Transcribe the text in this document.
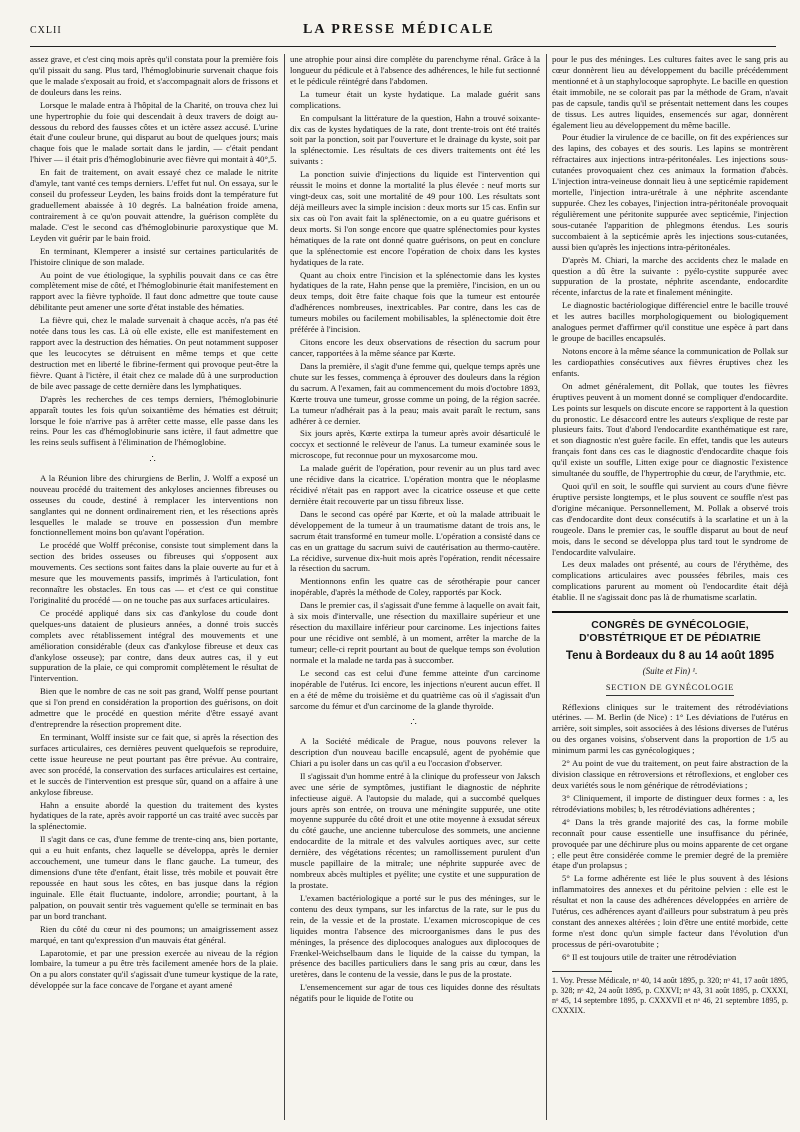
CXLII	LA PRESSE MÉDICALE

assez grave, et c'est cinq mois après qu'il constata pour la première fois qu'il pissait du sang. Plus tard, l'hémoglobinurie survenait chaque fois que le malade s'exposait au froid, et s'accompagnait alors de frissons et de douleurs dans les reins.

Lorsque le malade entra à l'hôpital de la Charité, on trouva chez lui une hypertrophie du foie qui descendait à deux travers de doigt au-dessous du rebord des fausses côtes et un ictère assez accusé. L'urine était d'une couleur brune, qui disparut au bout de quelques jours; mais chaque fois que le malade sortait dans le jardin, — c'était pendant l'hiver — il était pris d'hémoglobinurie avec fièvre qui montait à 40°,5.

En fait de traitement, on avait essayé chez ce malade le nitrite d'amyle, tant vanté ces temps derniers. L'effet fut nul. On essaya, sur le conseil du professeur Leyden, les bains froids dont la température fut graduellement abaissée à 10 degrés. La balnéation froide amena, contrairement à ce qu'on pouvait attendre, la guérison complète du malade. C'est le second cas d'hémoglobinurie paroxystique que M. Leyden vit guérir par le bain froid.

En terminant, Klemperer a insisté sur certaines particularités de l'histoire clinique de son malade.

Au point de vue étiologique, la syphilis pouvait dans ce cas être complètement mise de côté, et l'hémoglobinurie était manifestement en rapport avec la fièvre typhoïde. Il faut donc admettre que toute cause débilitante peut amener une sorte d'état instable des hématies.

La fièvre qui, chez le malade survenait à chaque accès, n'a pas été notée dans tous les cas. Là où elle existe, elle est manifestement en rapport avec la destruction des hématies. On peut notamment supposer que les leucocytes se détruisent en même temps et que cette destruction met en liberté le fibrine-ferment qui provoque peut-être la fièvre. Quant à l'ictère, il était chez ce malade dû à une surproduction de bile avec passage de cette dernière dans les lymphatiques.

D'après les recherches de ces temps derniers, l'hémoglobinurie apparaît toutes les fois qu'un soixantième des hématies est détruit; lorsque le foie n'arrive pas à arrêter cette masse, elle passe dans les reins. Pour les cas d'hémoglobinurie sans ictère, il faut admettre que les reins seuls suffisent à l'élimination de l'hémoglobine.

∴

A la Réunion libre des chirurgiens de Berlin, J. Wolff a exposé un nouveau procédé du traitement des ankyloses anciennes fibreuses ou osseuses du coude, destiné à remplacer les interventions non sanglantes qui ne donnent ordinairement rien, et les résections après lesquelles le malade se trouve en possession d'un membre fonctionnellement moins bon qu'avant l'opération.

Le procédé que Wolff préconise, consiste tout simplement dans la section des brides osseuses ou fibreuses qui s'opposent aux mouvements. Ces sections sont faites dans la plaie ouverte au fur et à mesure que les mouvements passifs, imprimés à l'articulation, font reconnaître les obstacles. En tous cas — et c'est ce qui constitue l'originalité du procédé — on ne touche pas aux surfaces articulaires.

Ce procédé appliqué dans six cas d'ankylose du coude dont quelques-uns dataient de plusieurs années, a donné trois succès complets avec rétablissement intégral des mouvements et une amélioration considérable (deux cas d'ankylose fibreuse et deux cas d'ankylose osseuse); par contre, dans deux autres cas, il y eut suppuration de la plaie, ce qui compromit complètement le résultat de l'intervention.

Bien que le nombre de cas ne soit pas grand, Wolff pense pourtant que si l'on prend en considération la proportion des guérisons, on doit admettre que le procédé en question mérite d'être essayé avant d'entreprendre la résection proprement dite.

En terminant, Wolff insiste sur ce fait que, si après la résection des surfaces articulaires, ces dernières peuvent quelquefois se reproduire, cette issue heureuse ne peut pourtant pas être prévue. Au contraire, avec son procédé, la conservation des surfaces articulaires est certaine, et le succès de l'intervention est presque sûr, quand on a affaire à une ankylose fibreuse.

Hahn a ensuite abordé la question du traitement des kystes hydatiques de la rate, après avoir rapporté un cas traité avec succès par la splénectomie.

Il s'agit dans ce cas, d'une femme de trente-cinq ans, bien portante, qui a eu huit enfants, chez laquelle se développa, après le dernier accouchement, une tumeur dans le flanc gauche. La tumeur, des dimensions d'une tête d'enfant, était lisse, très mobile et pouvait être repoussée en haut sous les côtes, en bas jusque dans la région inguinale. Elle était fluctuante, indolore, arrondie; pourtant, à la palpation, on pouvait sentir très vaguement qu'elle se terminait en bas par un bord tranchant.

Rien du côté du cœur ni des poumons; un amaigrissement assez marqué, en tant qu'expression d'un mauvais état général.

Laparotomie, et par une pression exercée au niveau de la région lombaire, la tumeur a pu être très facilement amenée hors de la plaie. On a pu alors constater qu'il s'agissait d'une tumeur kystique de la rate, développée sur la face concave de l'organe et ayant amené

une atrophie pour ainsi dire complète du parenchyme rénal. Grâce à la longueur du pédicule et à l'absence des adhérences, le hile fut sectionné et le pédicule réintégré dans l'abdomen.

La tumeur était un kyste hydatique. La malade guérit sans complications.

En compulsant la littérature de la question, Hahn a trouvé soixante-dix cas de kystes hydatiques de la rate, dont trente-trois ont été traités soit par la ponction, soit par l'ouverture et le drainage du kyste, soit par la splénectomie. Les résultats de ces divers traitements ont été les suivants :

La ponction suivie d'injections du liquide est l'intervention qui réussit le moins et donne la mortalité la plus élevée : neuf morts sur vingt-deux cas, soit une mortalité de 49 pour 100. Les résultats sont déjà meilleurs avec la simple incision : deux morts sur 15 cas. Enfin sur six cas où l'on avait fait la splénectomie, on a eu quatre guérisons et deux morts. Si l'on songe encore que quatre splénectomies pour kystes hématiques de la rate ont donné quatre guérisons, on peut en conclure que la splénectomie est encore l'opération de choix dans les kystes hydatiques de la rate.

Quant au choix entre l'incision et la splénectomie dans les kystes hydatiques de la rate, Hahn pense que la première, l'incision, en un ou deux temps, doit être faite chaque fois que la tumeur est entourée d'adhérences nombreuses, inextricables. Par contre, dans les cas de tumeurs mobiles ou facilement mobilisables, la splénectomie doit être préférée à l'incision.

Citons encore les deux observations de résection du sacrum pour cancer, rapportées à la même séance par Kœrte.

Dans la première, il s'agit d'une femme qui, quelque temps après une chute sur les fesses, commença à éprouver des douleurs dans la région du sacrum. A l'examen, fait au commencement du mois d'octobre 1893, Kœrte trouva une tumeur, grosse comme un poing, de la région sacrée. La tumeur n'adhérait pas à la peau; mais avait paraît le rectum, sans adhérer à ce dernier.

Six jours après, Kœrte extirpa la tumeur après avoir désarticulé le coccyx et sectionné le relèveur de l'anus. La tumeur examinée sous le microscope, fut reconnue pour un myxosarcome mou.

La malade guérit de l'opération, pour revenir au un plus tard avec une récidive dans la cicatrice. L'opération montra que le néoplasme récidivé n'était pas en rapport avec la cicatrice osseuse et que cette dernière était recouverte par un tissu fibreux lisse.

Dans le second cas opéré par Kœrte, et où la malade attribuait le développement de la tumeur à un traumatisme datant de trois ans, le sacrum était transformé en tumeur molle. L'opération a consisté dans ce cas en un grattage du sacrum suivi de cautérisation au thermo-cautère. La récidive, survenue dix-huit mois après l'opération, rendit nécessaire la résection du sacrum.

Mentionnons enfin les quatre cas de sérothérapie pour cancer inopérable, d'après la méthode de Coley, rapportés par Kock.

Dans le premier cas, il s'agissait d'une femme à laquelle on avait fait, à six mois d'intervalle, une résection du maxillaire supérieur et une résection du maxillaire inférieur pour carcinome. Les injections faites pour une récidive ont semblé, à un moment, arrêter la marche de la tumeur; celle-ci reprit pourtant au bout de quelque temps son évolution normale et la malade ne tarda pas à succomber.

Le second cas est celui d'une femme atteinte d'un carcinome inopérable de l'utérus. Ici encore, les injections n'eurent aucun effet. Il en a été de même du troisième et du quatrième cas où il s'agissait d'un sarcome du fémur et d'un carcinome de la glande thyroïde.

∴

A la Société médicale de Prague, nous pouvons relever la description d'un nouveau bacille encapsulé, agent de pyohémie que Chiari a pu isoler dans un cas qu'il a eu l'occasion d'observer.

Il s'agissait d'un homme entré à la clinique du professeur von Jaksch avec une série de symptômes, justifiant le diagnostic de néphrite infectieuse aiguë. A l'autopsie du malade, qui a succombé quelques jours après son entrée, on trouva une méningite suppurée, une otite moyenne suppurée du côté droit et une otite moyenne à exsudat séreux du côté gauche, une ancienne tuberculose des sommets, une ancienne endocardite de la mitrale et des valvules aortiques avec, sur cette dernière, des végétations récentes; un ramollissement purulent d'un muscle papillaire de la mitrale; une néphrite suppurée avec de nombreux abcès multiples et pyélite; une cystite et une suppuration de la prostate.

L'examen bactériologique a porté sur le pus des méninges, sur le contenu des deux tympans, sur les infarctus de la rate, sur le pus du rein, de la vessie et de la prostate. L'examen microscopique de ces liquides montra l'absence des microorganismes dans le pus des méninges, la présence des diplocoques analogues aux diplocoques de Frænkel-Weichselbaum dans le liquide de la caisse du tympan, la présence des bacilles particuliers dans le sang pris au cœur, dans les uretères, dans le contenu de la vessie, dans le pus de la prostate.

L'ensemencement sur agar de tous ces liquides donne des résultats négatifs pour le liquide de l'otite ou

pour le pus des méninges. Les cultures faites avec le sang pris au cœur donnèrent lieu au développement du bacille précédemment mentionné et à un staphylocoque saprophyte. Le bacille en question était immobile, ne se colorait pas par la méthode de Gram, n'avait pas de capsule, tandis qu'il se présentait nettement dans les coupes de tissus. Les autres liquides, ensemencés sur agar, donnèrent également lieu au développement du même bacille.

Pour étudier la virulence de ce bacille, on fit des expériences sur des lapins, des cobayes et des souris. Les lapins se montrèrent réfractaires aux injections intra-péritonéales. Les injections sous-cutanées provoquaient chez ces animaux la formation d'abcès. L'injection intra-veineuse donnait lieu à une septicémie rapidement mortelle, l'injection intra-urétrale à une néphrite ascendante suppurée. Chez les cobayes, l'injection intra-péritonéale provoquait régulièrement une péritonite suppurée avec septicémie, l'injection sous-cutanée l'apparition de phlegmons étendus. Les souris succombaient à la septicémie après les injections sous-cutanées, aussi bien qu'après les injections intra-péritonéales.

D'après M. Chiari, la marche des accidents chez le malade en question a dû être la suivante : pyélo-cystite suppurée avec suppuration de la prostate, néphrite ascendante, endocardite récente, infarctus de la rate et finalement méningite.

Le diagnostic bactériologique différenciel entre le bacille trouvé et les autres bacilles morphologiquement ou biologiquement analogues permet d'affirmer qu'il constitue une espèce à part dans le groupe de bacilles encapsulés.

Notons encore à la même séance la communication de Pollak sur les cardiopathies consécutives aux fièvres éruptives chez les enfants.

On admet généralement, dit Pollak, que toutes les fièvres éruptives peuvent à un moment donné se compliquer d'endocardite. Les points sur lesquels on discute encore se rapportent à la question du pronostic. Le désaccord entre les auteurs s'explique de reste par plusieurs faits. Tout d'abord l'endocardite exanthématique est rare, et son diagnostic n'est guère facile. En effet, tandis que les auteurs français font dans ces cas le diagnostic d'endocardite chaque fois qu'il existe un souffle, Litten exige pour ce diagnostic l'existence simultanée du souffle, de l'hypertrophie du cœur, de l'arythmie, etc.

Quoi qu'il en soit, le souffle qui survient au cours d'une fièvre éruptive persiste longtemps, et le plus souvent ce souffle n'est pas d'origine mécanique. Personnellement, M. Pollak a observé trois cas d'endocardite dont deux consécutifs à la scarlatine et un à la rougeole. Dans le premier cas, le souffle disparut au bout de neuf mois, dans le second se développa plus tard tout le syndrome de l'endocardite valvulaire.

Les deux malades ont présenté, au cours de l'érythème, des complications articulaires avec poussées fébriles, mais ces complications parurent au moment où l'endocardite était déjà établie. Il ne s'agissait donc pas là de rhumatisme scarlatin.

CONGRÈS DE GYNÉCOLOGIE, D'OBSTÉTRIQUE ET DE PÉDIATRIE
Tenu à Bordeaux du 8 au 14 août 1895
(Suite et Fin) ¹.
SECTION DE GYNÉCOLOGIE

Réflexions cliniques sur le traitement des rétrodéviations utérines. — M. Berlin (de Nice) : 1° Les déviations de l'utérus en arrière, soit simples, soit associées à des lésions diverses de l'utérus ou des organes voisins, s'observent dans la proportion de 1/5 au minimum parmi les cas gynécologiques ;

2° Au point de vue du traitement, on peut faire abstraction de la division classique en rétroversions et rétroflexions, et englober ces deux variétés sous le nom générique de rétrodéviations ;

3° Cliniquement, il importe de distinguer deux formes : a, les rétrodéviations mobiles; b, les rétrodéviations adhérentes ;

4° Dans la très grande majorité des cas, la forme mobile reconnaît pour cause essentielle une insuffisance du périnée, provoquée par une déchirure plus ou moins apparente de cet organe ; elle peut être considérée comme le premier degré de la première étape d'un prolapsus ;

5° La forme adhérente est liée le plus souvent à des lésions inflammatoires des annexes et du péritoine pelvien : elle est le résultat et non la cause des adhérences développées en arrière de l'utérus, ces adhérences ayant d'ailleurs pour substratum à peu près constant des annexes altérées ; loin d'être une entité morbide, cette forme n'est donc qu'un simple facteur dans l'évolution d'un processus de péri-ovarotubite ;

6° Il est toujours utile de traiter une rétrodéviation

1. Voy. Presse Médicale, nᵒ 40, 14 août 1895, p. 320; nᵒ 41, 17 août 1895, p. 328; nᵒ 42, 24 août 1895, p. CXXVI; nᵒ 43, 31 août 1895, p. CXXXI, nᵒ 45, 14 septembre 1895, p. CXXXVII et nᵒ 46, 21 septembre 1895, p. CXXXIX.
